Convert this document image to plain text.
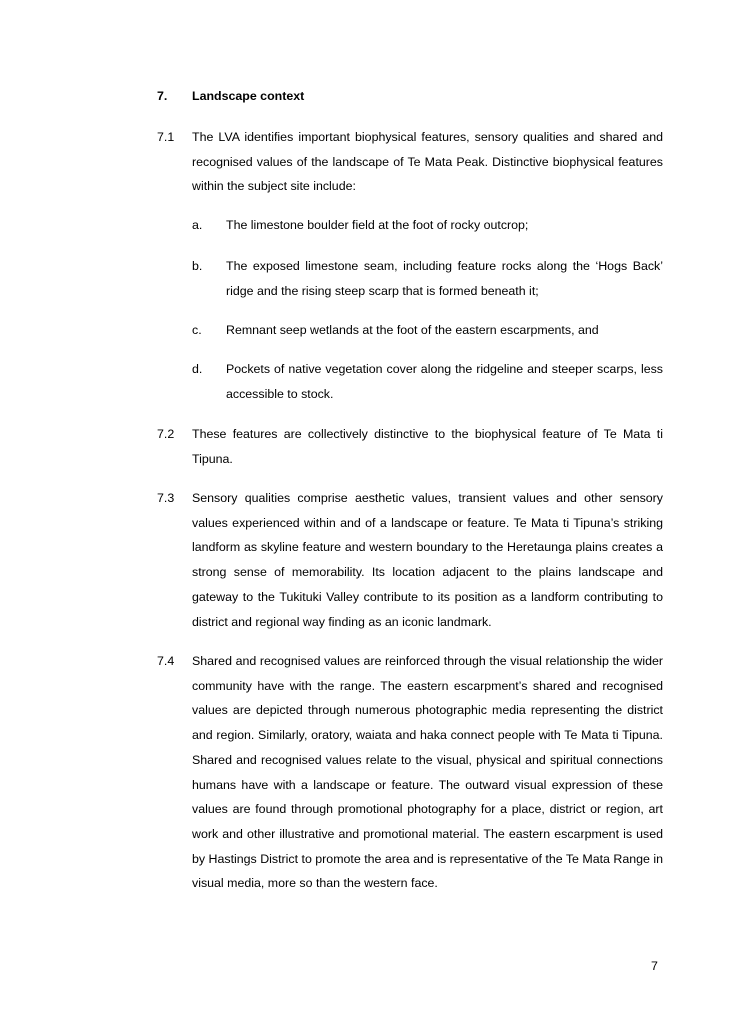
7. Landscape context
7.1 The LVA identifies important biophysical features, sensory qualities and shared and recognised values of the landscape of Te Mata Peak. Distinctive biophysical features within the subject site include:
a. The limestone boulder field at the foot of rocky outcrop;
b. The exposed limestone seam, including feature rocks along the ‘Hogs Back’ ridge and the rising steep scarp that is formed beneath it;
c. Remnant seep wetlands at the foot of the eastern escarpments, and
d. Pockets of native vegetation cover along the ridgeline and steeper scarps, less accessible to stock.
7.2 These features are collectively distinctive to the biophysical feature of Te Mata ti Tipuna.
7.3 Sensory qualities comprise aesthetic values, transient values and other sensory values experienced within and of a landscape or feature. Te Mata ti Tipuna’s striking landform as skyline feature and western boundary to the Heretaunga plains creates a strong sense of memorability. Its location adjacent to the plains landscape and gateway to the Tukituki Valley contribute to its position as a landform contributing to district and regional way finding as an iconic landmark.
7.4 Shared and recognised values are reinforced through the visual relationship the wider community have with the range. The eastern escarpment’s shared and recognised values are depicted through numerous photographic media representing the district and region. Similarly, oratory, waiata and haka connect people with Te Mata ti Tipuna. Shared and recognised values relate to the visual, physical and spiritual connections humans have with a landscape or feature. The outward visual expression of these values are found through promotional photography for a place, district or region, art work and other illustrative and promotional material. The eastern escarpment is used by Hastings District to promote the area and is representative of the Te Mata Range in visual media, more so than the western face.
7
